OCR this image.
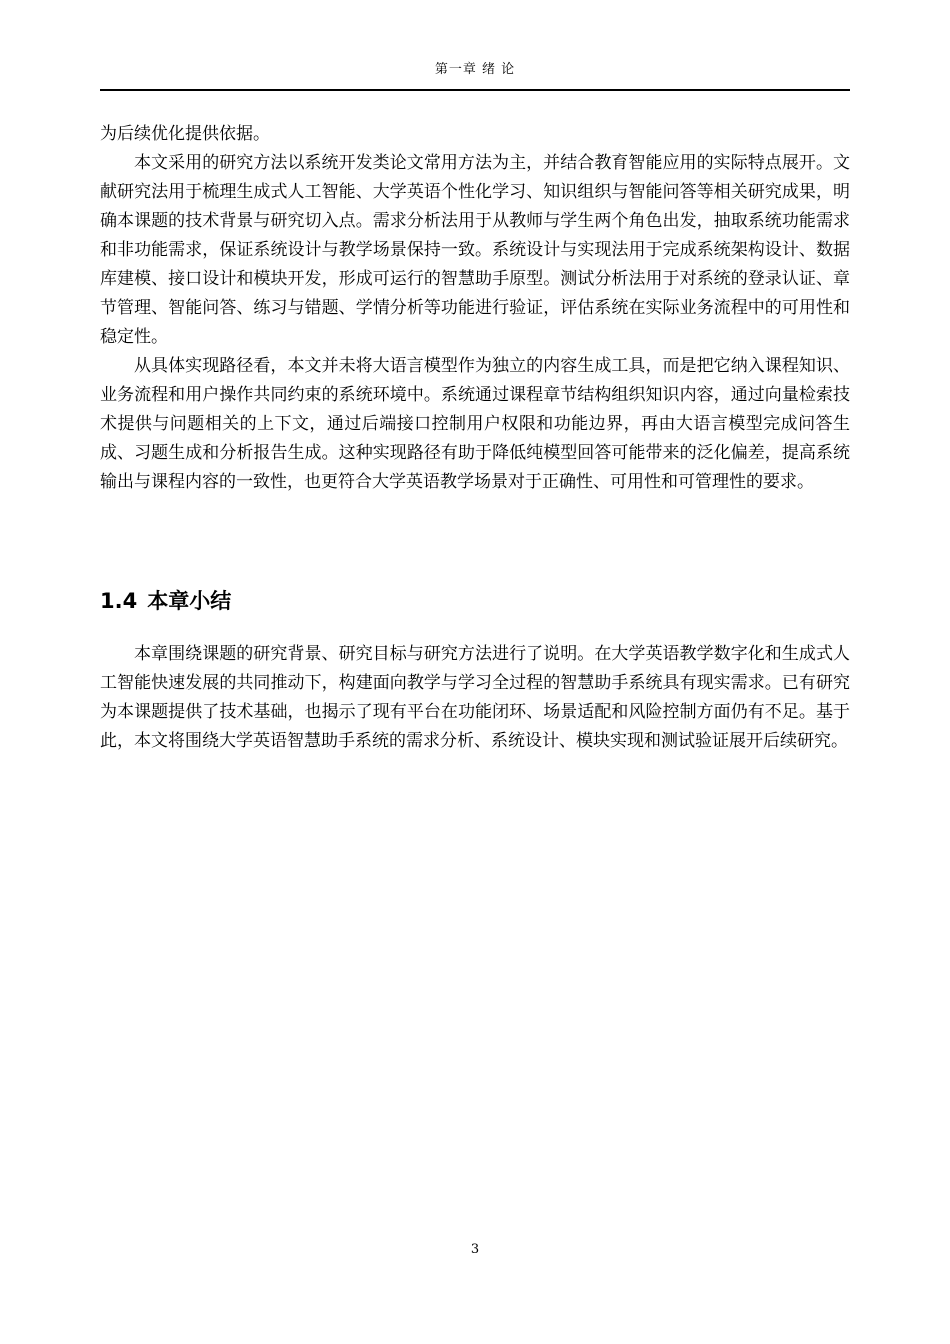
第一章 绪 论

为后续优化提供依据。

本文采用的研究方法以系统开发类论文常用方法为主，并结合教育智能应用的实际特点展开。文献研究法用于梳理生成式人工智能、大学英语个性化学习、知识组织与智能问答等相关研究成果，明确本课题的技术背景与研究切入点。需求分析法用于从教师与学生两个角色出发，抽取系统功能需求和非功能需求，保证系统设计与教学场景保持一致。系统设计与实现法用于完成系统架构设计、数据库建模、接口设计和模块开发，形成可运行的智慧助手原型。测试分析法用于对系统的登录认证、章节管理、智能问答、练习与错题、学情分析等功能进行验证，评估系统在实际业务流程中的可用性和稳定性。

从具体实现路径看，本文并未将大语言模型作为独立的内容生成工具，而是把它纳入课程知识、业务流程和用户操作共同约束的系统环境中。系统通过课程章节结构组织知识内容，通过向量检索技术提供与问题相关的上下文，通过后端接口控制用户权限和功能边界，再由大语言模型完成问答生成、习题生成和分析报告生成。这种实现路径有助于降低纯模型回答可能带来的泛化偏差，提高系统输出与课程内容的一致性，也更符合大学英语教学场景对于正确性、可用性和可管理性的要求。

1.4 本章小结

本章围绕课题的研究背景、研究目标与研究方法进行了说明。在大学英语教学数字化和生成式人工智能快速发展的共同推动下，构建面向教学与学习全过程的智慧助手系统具有现实需求。已有研究为本课题提供了技术基础，也揭示了现有平台在功能闭环、场景适配和风险控制方面仍有不足。基于此，本文将围绕大学英语智慧助手系统的需求分析、系统设计、模块实现和测试验证展开后续研究。

3
